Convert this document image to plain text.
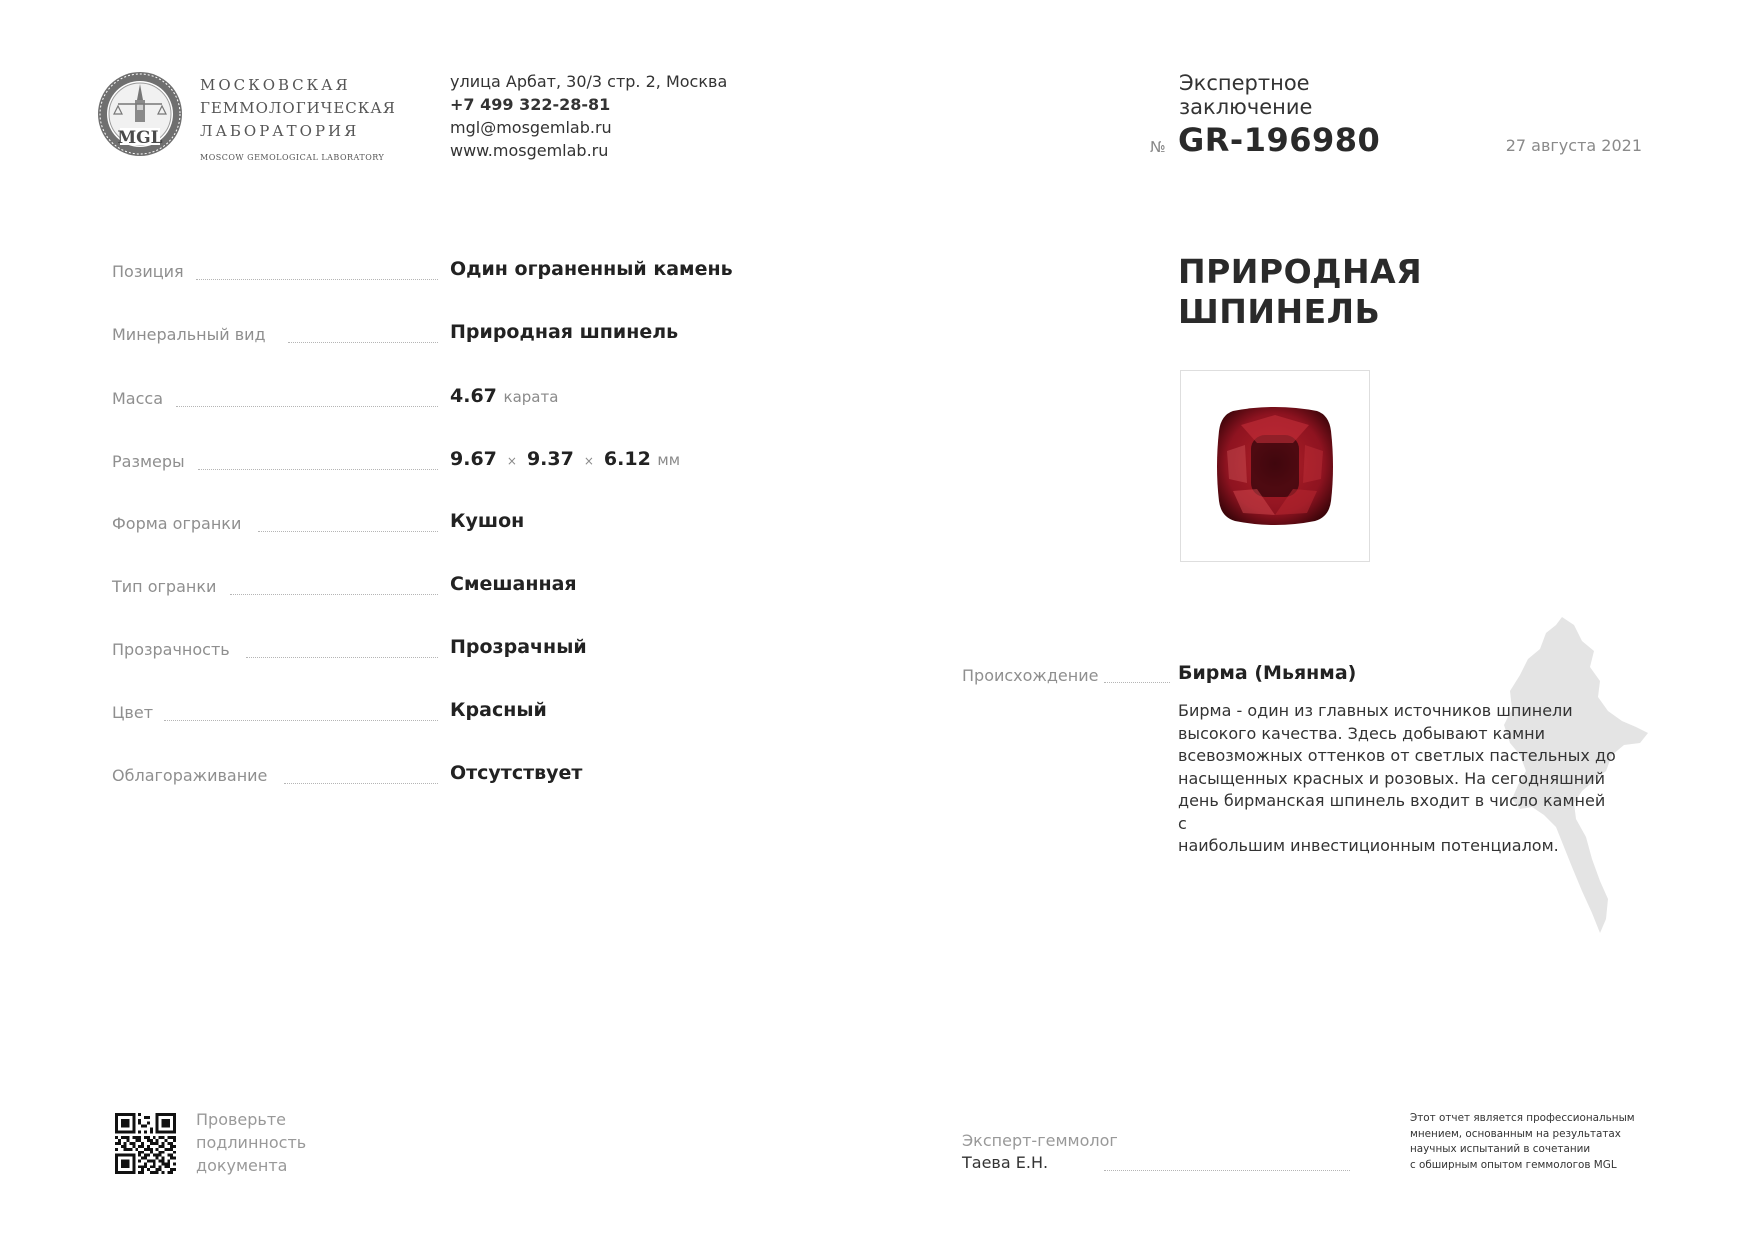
MGL
МОСКОВСКАЯ
ГЕММОЛОГИЧЕСКАЯ
ЛАБОРАТОРИЯ
MOSCOW GEMOLOGICAL LABORATORY
улица Арбат, 30/3 стр. 2, Москва
+7 499 322-28-81
mgl@mosgemlab.ru
www.mosgemlab.ru
Экспертное
заключение
№ GR-196980	27 августа 2021
Позиция	Один ограненный камень
Минеральный вид	Природная шпинель
Масса	4.67 карата
Размеры	9.67 × 9.37 × 6.12 мм
Форма огранки	Кушон
Тип огранки	Смешанная
Прозрачность	Прозрачный
Цвет	Красный
Облагораживание	Отсутствует
ПРИРОДНАЯ
ШПИНЕЛЬ
Происхождение	Бирма (Мьянма)
Бирма - один из главных источников шпинели
высокого качества. Здесь добывают камни
всевозможных оттенков от светлых пастельных до
насыщенных красных и розовых. На сегодняшний
день бирманская шпинель входит в число камней с
наибольшим инвестиционным потенциалом.
Проверьте
подлинность
документа
Эксперт-геммолог
Таева Е.Н.
Этот отчет является профессиональным
мнением, основанным на результатах
научных испытаний в сочетании
с обширным опытом геммологов MGL
